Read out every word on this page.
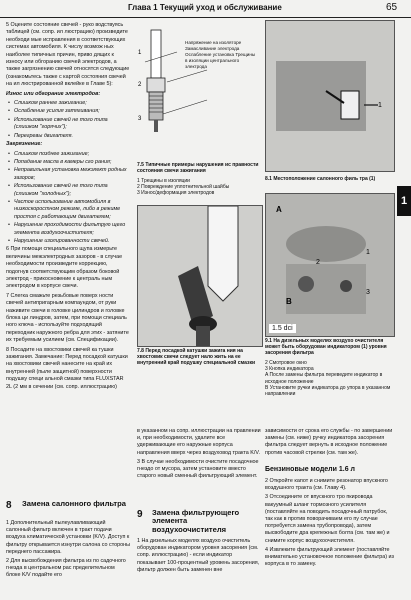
Глава 1 Текущий уход и обслуживание	65

5 Оцените состояние свечей - руко водствуясь таблицей (см. сопр. ил люстрацию) произведите необходи мые исправления в соответствующих системах автомобиля. К числу возмож ных наиболее типичных причин, приво дящих к износу или обгоранию свечей электродов, а также загрязнению свечей относятся следующие (ознакомьтесь также с картой состояния свечей на ил люстрированной вклейке в Главе 5):

Износ или обгорание электродов:

• Слишком раннее зажигание;
• Ослабление усилия затягивания;
• Использование свечей не того типа (слишком "горячих");
• Перегревы двигателя.

Загрязнение:

• Слишком позднее зажигание;
• Попадание масла в камеры сго рания;
• Неправильная установка межэлект родных зазоров;
• Использование свечей не того типа (слишком "холодных");
• Частое использование автомобиля в низкоскоростном режиме, либо в режиме простоя с работающим двигателем;
• Нарушение проходимости фильтрую щего элемента воздухоочистителя;
• Нарушение изолированности свечей.

6 При помощи специального щупа измерьте величины межэлектродных зазоров - в случае необходимости произведите коррекцию, подогнув соответствующим образом боковой электрод - прикосновение к централь ным электродом в корпусе свечи.

7 Слегка смажьте резьбовые поверх ности свечей антипригарным компаундом, от руки наживите свечи в головке цилиндров и головке блока ци линдров, затем, при помощи специаль ного ключа - используйте подходящий переходник наружного ребра для этих - затяните их требуемым усилием (см. Спецификации).

8 Посадите на хвостовики свечей ка тушки зажигания. Замечание: Перед посадкой катушки на хвостовики свечей нанесите на край их внутренней (пыле защитной) поверхности подушку специ альной смазки типа FLUXSTAR 2L (2 мм в сечении (см. сопр. иллюстрацию)

8 Замена салонного фильтра

1 Дополнительный пылеулавливающий салонный фильтр включен в тракт подачи воздуха климатической установки (K/V). Доступ к фильтру открывается изнутри салона со стороны переднего пассажира.

2 Для высвобождения фильтра из по садочного гнезда в центральном рас пределительном блоке K/V подайте его

1
2
3
Напряжение на изоляторе Замасливание электрода Ослабление установка Трещины в изоляции центрального электрода
7.5 Типичные примеры нарушения ис правности состояния свечи зажигания
1 Трещины в изоляции
2 Повреждение уплотнительной шайбы
3 Износ/деформация электродов
7.8 Перед посадкой катушки зажига ния на хвостовик свечи следует нало жить на ее внутренний край подушку специальной смазки
1
8.1 Местоположение салонного филь тра (1)
A
B
1
2
3
1.5 dci
9.1 На дизельных моделях воздухо очистителя может быть оборудован индикатором (1) уровня засорения фильтра
2 Смотровое окно
3 Кнопка индикатора
A После замены фильтра переведите индикатор в исходное положение
B Установите ручки индикатора до упора в указанном направлении
1

в указанном на сопр. иллюстрации на правлении и, при необходимости, удалите все удерживающие его наружные корпуса направления вверх через воздуховод тракта K/V.

3 В случае необходимости очистите посадочное гнездо от мусора, затем установите вместо старого новый сменный фильтрующий элемент.

9 Замена фильтрующего элемента воздухоочистителя
1 На дизельных моделях воздухо очиститель оборудован индикатором уровня засорения (см. сопр. иллюстрацию) - если индикатор показывает 100-процентный уровень засорения, фильтр должен быть заменен вне
зависимости от срока его службы - по завершении замены (см. ниже) ручку индикатора засорения фильтра следует вернуть в исходное положение против часовой стрелки (см. там же).
Бензиновые модели 1.6 л

2 Откройте капот и снимите резонатор впускного воздушного тракта (см. Главу 4).

3 Отсоедините от впускного тро пкировода вакуумный шланг тормозного усилителя (поставляйте на поводить посадочный патрубок, так как в против поворачиваем его пу случае потребуется замена трубопровода), затем высвободите дра крепежных болта (см. там же) и снимите корпус воздухоочистителя.

4 Извлеките фильтрующий элемент (поставляйте внимательно установочное положение фильтра) из корпуса в то замену.
